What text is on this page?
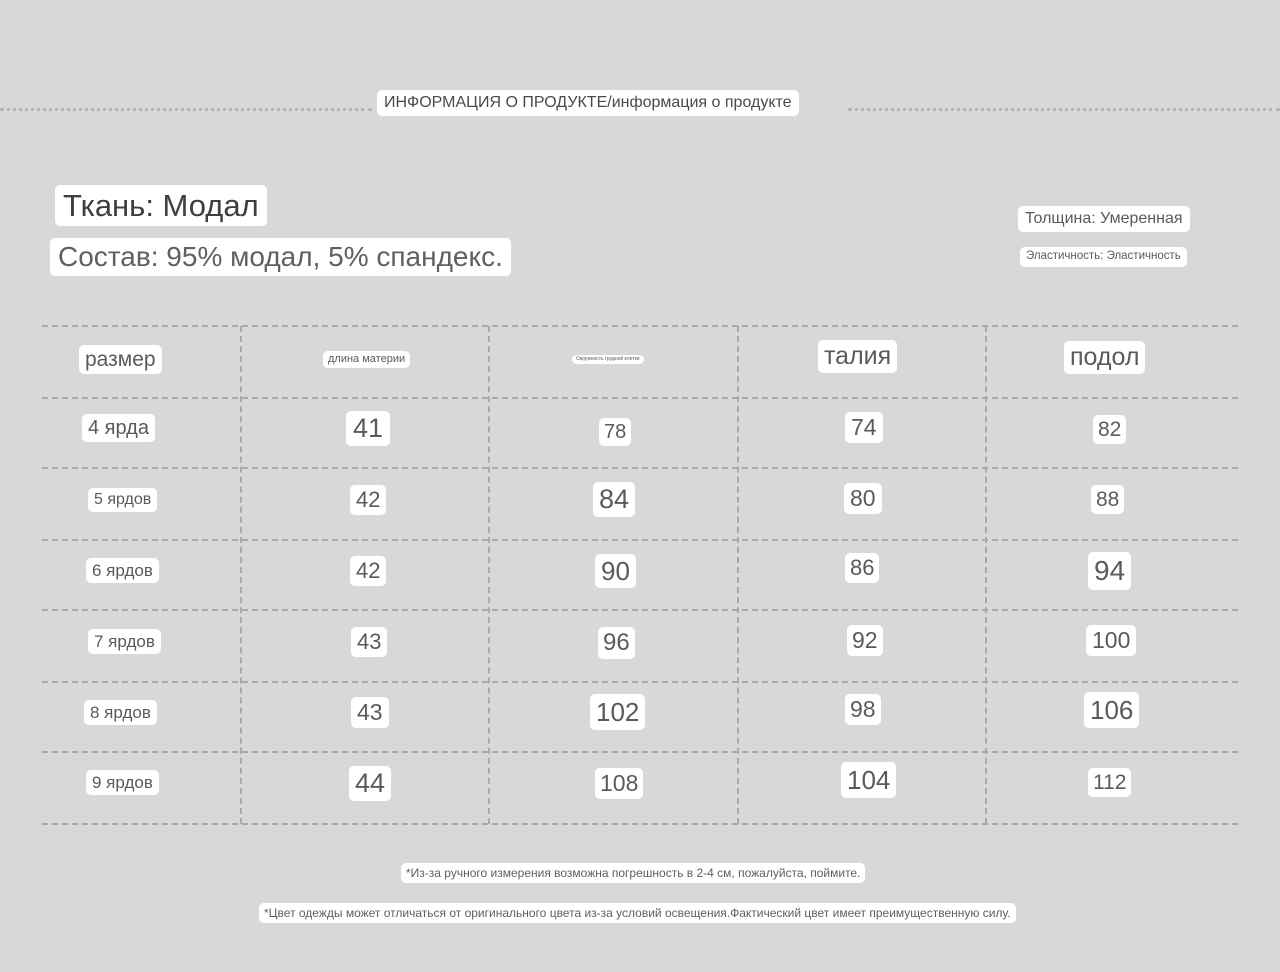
ИНФОРМАЦИЯ О ПРОДУКТЕ/информация о продукте
Ткань: Модал
Состав: 95% модал, 5% спандекс.
Толщина: Умеренная
Эластичность: Эластичность
размер	длина материи	Окружность грудной клетки	талия	подол
4 ярда	41	78	74	82
5 ярдов	42	84	80	88
6 ярдов	42	90	86	94
7 ярдов	43	96	92	100
8 ярдов	43	102	98	106
9 ярдов	44	108	104	112
*Из-за ручного измерения возможна погрешность в 2-4 см, пожалуйста, поймите.
*Цвет одежды может отличаться от оригинального цвета из-за условий освещения.Фактический цвет имеет преимущественную силу.
